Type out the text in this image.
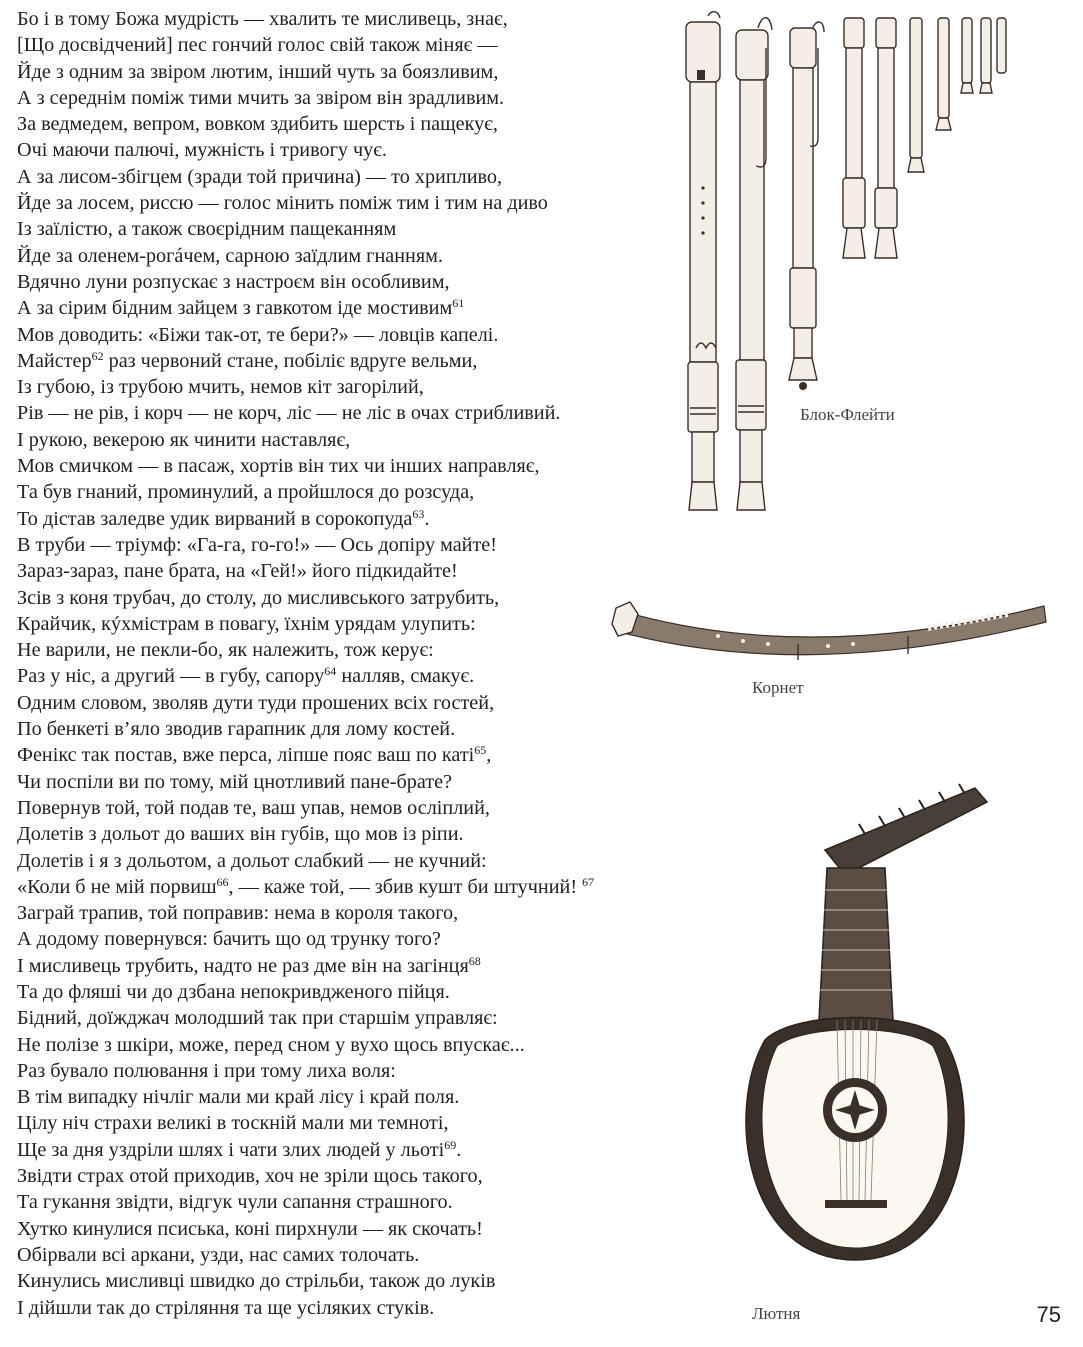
Бо і в тому Божа мудрість — хвалить те мисливець, знає,
[Що досвідчений] пес гончий голос свій також міняє —
Йде з одним за звіром лютим, інший чуть за боязливим,
А з середнім поміж тими мчить за звіром він зрадливим.
За ведмедем, вепром, вовком здибить шерсть і пащекує,
Очі маючи палючі, мужність і тривогу чує.
А за лисом-збігцем (зради той причина) — то хрипливо,
Йде за лосем, риссю — голос мінить поміж тим і тим на диво
Із заїлістю, а також своєрідним пащеканням
Йде за оленем-рогáчем, сарною заїдлим гнанням.
Вдячно луни розпускає з настроєм він особливим,
А за сірим бідним зайцем з гавкотом іде мостивим$^{61}$
Мов доводить: «Біжи так-от, те бери?» — ловців капелі.
Майстер$^{62}$ раз червоний стане, побіліє вдруге вельми,
Із губою, із трубою мчить, немов кіт загорілий,
Рів — не рів, і корч — не корч, ліс — не ліс в очах стрибливий.
І рукою, векерою як чинити наставляє,
Мов смичком — в пасаж, хортів він тих чи інших направляє,
Та був гнаний, проминулий, а пройшлося до розсуда,
То дістав заледве удик вирваний в сорокопуда$^{63}$.
В труби — тріумф: «Га-га, го-го!» — Ось допіру майте!
Зараз-зараз, пане брата, на «Гей!» його підкидайте!
Зсів з коня трубач, до столу, до мисливського затрубить,
Крайчик, кýхмістрам в повагу, їхнім урядам улупить:
Не варили, не пекли-бо, як належить, тож керує:
Раз у ніс, а другий — в губу, сапору$^{64}$ налляв, смакує.
Одним словом, зволяв дути туди прошених всіх гостей,
По бенкеті в’яло зводив гарапник для лому костей.
Фенікс так постав, вже перса, ліпше пояс ваш по каті$^{65}$,
Чи поспіли ви по тому, мій цнотливий пане-брате?
Повернув той, той подав те, ваш упав, немов осліплий,
Долетів з дольот до ваших він губів, що мов із ріпи.
Долетів і я з дольотом, а дольот слабкий — не кучний:
«Коли б не мій порвиш$^{66}$, — каже той, — збив кушт би штучний! $^{67}$
Заграй трапив, той поправив: нема в короля такого,
А додому повернувся: бачить що од трунку того?
І мисливець трубить, надто не раз дме він на загінця$^{68}$
Та до фляші чи до дзбана непокривдженого пійця.
Бідний, доїжджач молодший так при старшім управляє:
Не полізе з шкіри, може, перед сном у вухо щось впускає...
Раз бувало полювання і при тому лиха воля:
В тім випадку нічліг мали ми край лісу і край поля.
Цілу ніч страхи великі в тоскній мали ми темноті,
Ще за дня уздріли шлях і чати злих людей у льоті$^{69}$.
Звідти страх отой приходив, хоч не зріли щось такого,
Та гукання звідти, відгук чули сапання страшного.
Хутко кинулися псиська, коні пирхнули — як скочать!
Обірвали всі аркани, узди, нас самих толочать.
Кинулись мисливці швидко до стрільби, також до луків
І дійшли так до стріляння та ще усіляких стуків.
Блок-Флейти
Корнет
Лютня	75
